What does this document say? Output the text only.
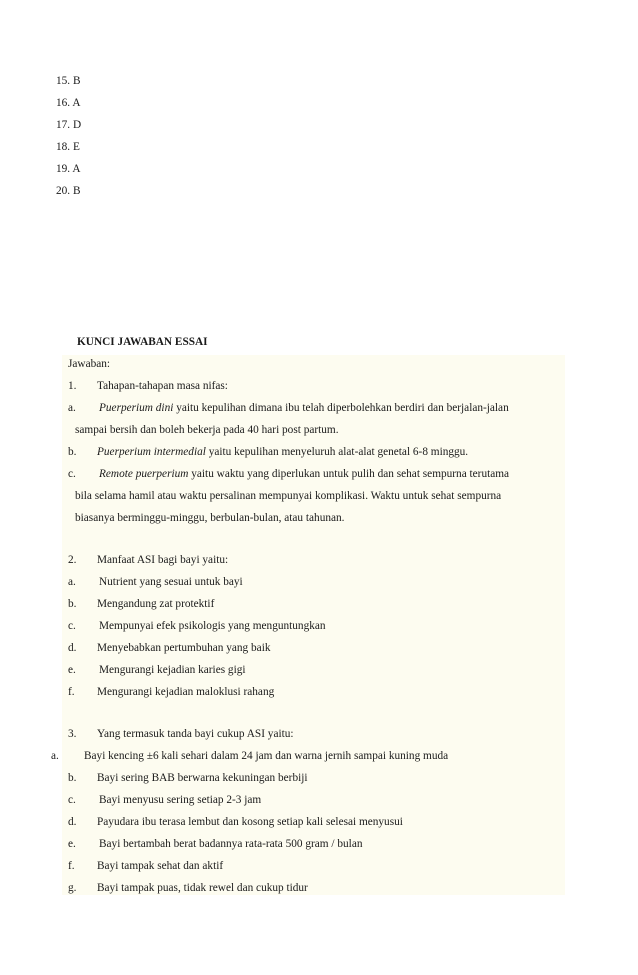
15. B
16. A
17. D
18. E
19. A
20. B
KUNCI JAWABAN ESSAI
Jawaban:
1. Tahapan-tahapan masa nifas:
a. Puerperium dini yaitu kepulihan dimana ibu telah diperbolehkan berdiri dan berjalan-jalan
sampai bersih dan boleh bekerja pada 40 hari post partum.
b. Puerperium intermedial yaitu kepulihan menyeluruh alat-alat genetal 6-8 minggu.
c. Remote puerperium yaitu waktu yang diperlukan untuk pulih dan sehat sempurna terutama
bila selama hamil atau waktu persalinan mempunyai komplikasi. Waktu untuk sehat sempurna
biasanya berminggu-minggu, berbulan-bulan, atau tahunan.
2. Manfaat ASI bagi bayi yaitu:
a. Nutrient yang sesuai untuk bayi
b. Mengandung zat protektif
c. Mempunyai efek psikologis yang menguntungkan
d. Menyebabkan pertumbuhan yang baik
e. Mengurangi kejadian karies gigi
f. Mengurangi kejadian maloklusi rahang
3. Yang termasuk tanda bayi cukup ASI yaitu:
a. Bayi kencing ±6 kali sehari dalam 24 jam dan warna jernih sampai kuning muda
b. Bayi sering BAB berwarna kekuningan berbiji
c. Bayi menyusu sering setiap 2-3 jam
d. Payudara ibu terasa lembut dan kosong setiap kali selesai menyusui
e. Bayi bertambah berat badannya rata-rata 500 gram / bulan
f. Bayi tampak sehat dan aktif
g. Bayi tampak puas, tidak rewel dan cukup tidur
